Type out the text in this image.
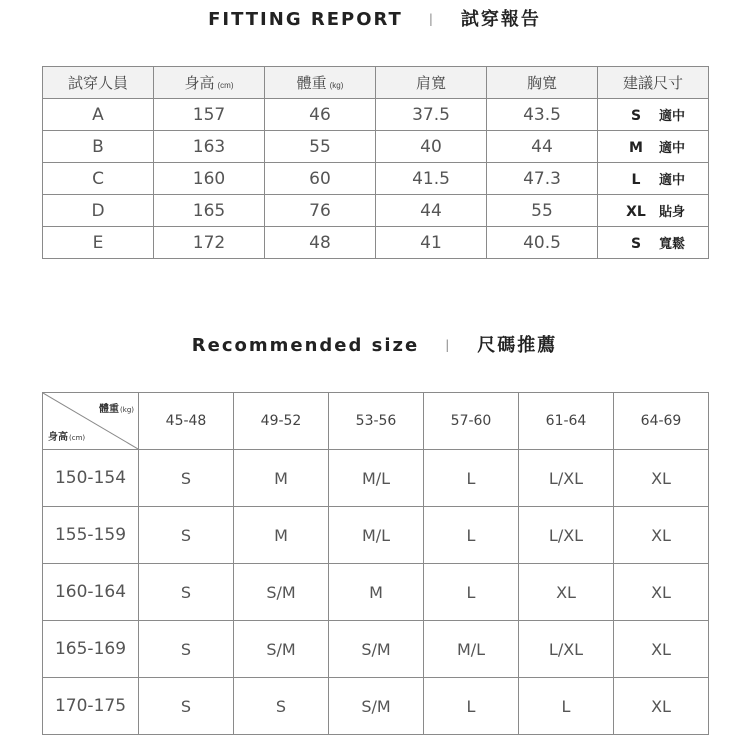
FITTING REPORT | 試穿報告
試穿人員	身高 (cm)	體重 (kg)	肩寬	胸寬	建議尺寸
A	157	46	37.5	43.5	S 適中
B	163	55	40	44	M 適中
C	160	60	41.5	47.3	L 適中
D	165	76	44	55	XL 貼身
E	172	48	41	40.5	S 寬鬆
Recommended size | 尺碼推薦
體重(kg)
身高(cm)	45-48	49-52	53-56	57-60	61-64	64-69
150-154	S	M	M/L	L	L/XL	XL
155-159	S	M	M/L	L	L/XL	XL
160-164	S	S/M	M	L	XL	XL
165-169	S	S/M	S/M	M/L	L/XL	XL
170-175	S	S	S/M	L	L	XL
